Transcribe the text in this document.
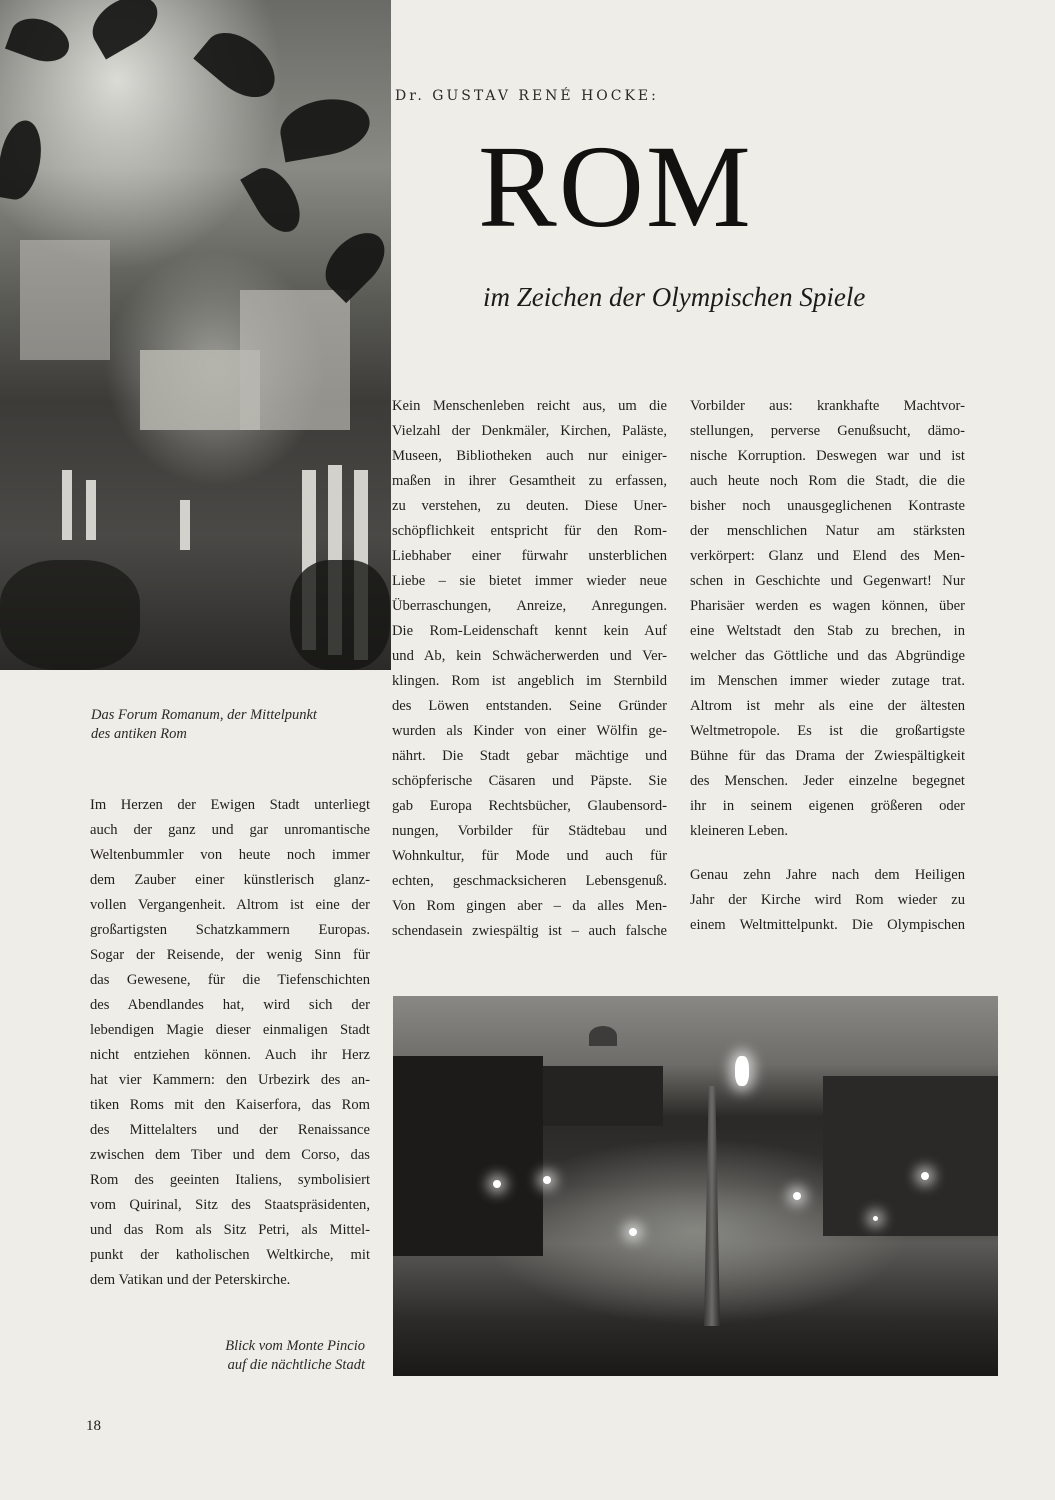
Dr. GUSTAV RENÉ HOCKE:
ROM
im Zeichen der Olympischen Spiele
Das Forum Romanum, der Mittelpunkt
des antiken Rom
Blick vom Monte Pincio
auf die nächtliche Stadt
Im Herzen der Ewigen Stadt unterliegt
auch der ganz und gar unromantische
Weltenbummler von heute noch immer
dem Zauber einer künstlerisch glanz-
vollen Vergangenheit. Altrom ist eine der
großartigsten Schatzkammern Europas.
Sogar der Reisende, der wenig Sinn für
das Gewesene, für die Tiefenschichten
des Abendlandes hat, wird sich der
lebendigen Magie dieser einmaligen Stadt
nicht entziehen können. Auch ihr Herz
hat vier Kammern: den Urbezirk des an-
tiken Roms mit den Kaiserfora, das Rom
des Mittelalters und der Renaissance
zwischen dem Tiber und dem Corso, das
Rom des geeinten Italiens, symbolisiert
vom Quirinal, Sitz des Staatspräsidenten,
und das Rom als Sitz Petri, als Mittel-
punkt der katholischen Weltkirche, mit
dem Vatikan und der Peterskirche.
Kein Menschenleben reicht aus, um die
Vielzahl der Denkmäler, Kirchen, Paläste,
Museen, Bibliotheken auch nur einiger-
maßen in ihrer Gesamtheit zu erfassen,
zu verstehen, zu deuten. Diese Uner-
schöpflichkeit entspricht für den Rom-
Liebhaber einer fürwahr unsterblichen
Liebe – sie bietet immer wieder neue
Überraschungen, Anreize, Anregungen.
Die Rom-Leidenschaft kennt kein Auf
und Ab, kein Schwächerwerden und Ver-
klingen. Rom ist angeblich im Sternbild
des Löwen entstanden. Seine Gründer
wurden als Kinder von einer Wölfin ge-
nährt. Die Stadt gebar mächtige und
schöpferische Cäsaren und Päpste. Sie
gab Europa Rechtsbücher, Glaubensord-
nungen, Vorbilder für Städtebau und
Wohnkultur, für Mode und auch für
echten, geschmacksicheren Lebensgenuß.
Von Rom gingen aber – da alles Men-
schendasein zwiespältig ist – auch falsche
Vorbilder aus: krankhafte Machtvor-
stellungen, perverse Genußsucht, dämo-
nische Korruption. Deswegen war und ist
auch heute noch Rom die Stadt, die die
bisher noch unausgeglichenen Kontraste
der menschlichen Natur am stärksten
verkörpert: Glanz und Elend des Men-
schen in Geschichte und Gegenwart! Nur
Pharisäer werden es wagen können, über
eine Weltstadt den Stab zu brechen, in
welcher das Göttliche und das Abgründige
im Menschen immer wieder zutage trat.
Altrom ist mehr als eine der ältesten
Weltmetropole. Es ist die großartigste
Bühne für das Drama der Zwiespältigkeit
des Menschen. Jeder einzelne begegnet
ihr in seinem eigenen größeren oder
kleineren Leben.
Genau zehn Jahre nach dem Heiligen
Jahr der Kirche wird Rom wieder zu
einem Weltmittelpunkt. Die Olympischen
18
